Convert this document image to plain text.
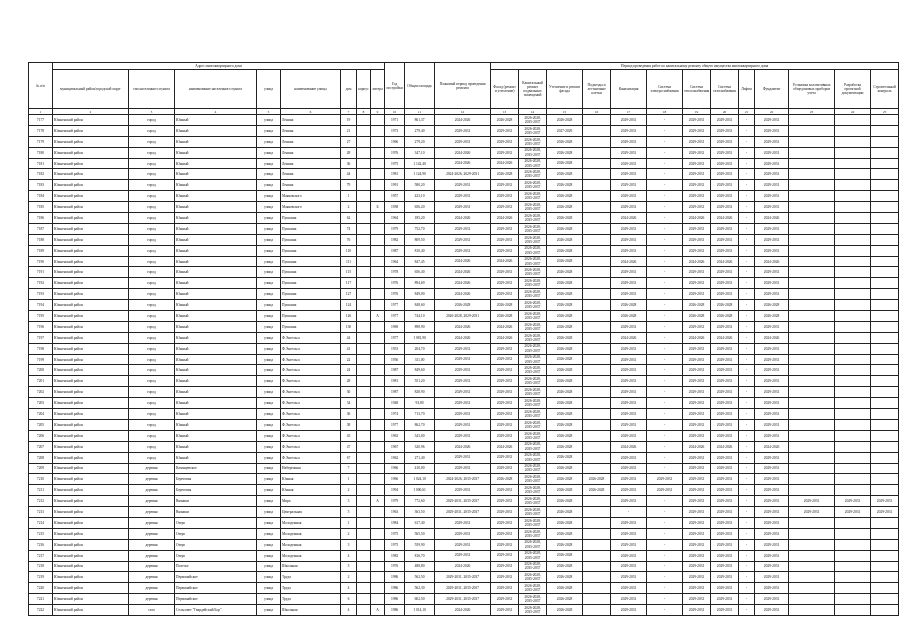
№ п/п	Адрес многоквартирного дома								Год постройки	Общая площадь	Плановый период проведения ремонта	Период проведения работ по капитальному ремонту общего имущества многоквартирного дома												
	муниципальный район/городской округ	тип населенного пункта	наименование населенного пункта	улица	наименование улицы	дом	корпус	литера				Фасад (ремонт и утепление)	Капитальный ремонт подвальных помещений	Утепление и ремонт фасада	Подъезды и лестничные клетки	Канализация	Система электроснабжения	Система теплоснабжения	Система газоснабжения	Лифты	Фундамент	Установка коллективных общедомовых приборов учета	Разработка проектной документации	Строительный контроль
1	2	3	4	5	6	7	8	9	10	11	12	13	14	15	16	17	18	19	20	21	22	23	24	25
7177	Южненский район	город	Южный	улица	Ленина	19			1971	861,37	2024-2026	2026-2028	2026-2028, 2035-2037	2026-2028		2029-2031	-	2029-2031	2029-2031	-	2029-2031			
7178	Южненский район	город	Южный	улица	Ленина	21			1973	279,40	2029-2031	2029-2031	2026-2028, 2035-2037	2027-2029		2029-2031	-	2029-2031	2029-2031	-	2029-2031			
7179	Южненский район	город	Южный	улица	Ленина	27			1966	279,20	2029-2031	2029-2031	2026-2028, 2035-2037	2026-2028		2029-2031	-	2029-2031	2029-2031	-	2029-2031			
7180	Южненский район	город	Южный	улица	Ленина	28			1976	347,10	2024-2026	2029-2031	2026-2028, 2035-2037	2026-2028		2029-2031	-	2029-2031	2029-2031	-	2029-2031			
7181	Южненский район	город	Южный	улица	Ленина	36			1975	1 142,40	2024-2026	2024-2026	2026-2028, 2035-2037	2026-2028		2029-2031	-	2029-2031	2029-2031	-	2029-2031			
7182	Южненский район	город	Южный	улица	Ленина	44			1981	1 124,90	2024-2026, 2029-2031	2026-2028	2026-2028, 2035-2037	2026-2028		2029-2031	-	2029-2031	2029-2031	-	2029-2031			
7183	Южненский район	город	Южный	улица	Ленина	79			1991	580,20	2029-2031	2029-2031	2026-2028, 2035-2037	2026-2028		2029-2031	-	2029-2031	2029-2031	-	2029-2031			
7184	Южненский район	город	Южный	улица	Маяковского	1			1957	423,10	2029-2031	2029-2031	2026-2028, 2035-2037	2026-2028		2029-2031	-	2029-2031	2029-2031	-	2029-2031			
7185	Южненский район	город	Южный	улица	Маяковского	2		Б	1958	656,20	2029-2031	2029-2031	2026-2028, 2035-2037	2026-2028		2029-2031	-	2029-2031	2029-2031	-	2029-2031			
7186	Южненский район	город	Южный	улица	Пушкина	62			1964	185,20	2024-2026	2024-2026	2026-2028, 2035-2037	2026-2028		2024-2026	-	2024-2026	2024-2026	-	2024-2026			
7187	Южненский район	город	Южный	улица	Пушкина	74			1979	752,70	2029-2031	2029-2031	2026-2028, 2035-2037	2026-2028		2029-2031	-	2029-2031	2029-2031	-	2029-2031			
7188	Южненский район	город	Южный	улица	Пушкина	76			1982	809,50	2029-2031	2029-2031	2026-2028, 2035-2037	2026-2028		2029-2031	-	2029-2031	2029-2031	-	2029-2031			
7189	Южненский район	город	Южный	улица	Пушкина	110			1987	810,40	2029-2031	2029-2031	2026-2028, 2035-2037	2026-2028		2029-2031	-	2029-2031	2029-2031	-	2029-2031			
7190	Южненский район	город	Южный	улица	Пушкина	111			1964	847,45	2024-2026	2024-2026	2026-2028, 2035-2037	2026-2028		2024-2026	-	2024-2026	2024-2026	-	2024-2026			
7191	Южненский район	город	Южный	улица	Пушкина	115			1978	656,40	2024-2026	2029-2031	2026-2028, 2035-2037	2026-2028		2029-2031	-	2029-2031	2029-2031	-	2029-2031			
7192	Южненский район	город	Южный	улица	Пушкина	117			1976	894,69	2024-2026	2029-2031	2026-2028, 2035-2037	2026-2028		2029-2031	-	2029-2031	2029-2031	-	2029-2031			
7193	Южненский район	город	Южный	улица	Пушкина	127			1976	849,00	2024-2026	2029-2031	2026-2028, 2035-2037	2026-2028		2029-2031	-	2029-2031	2029-2031	-	2029-2031			
7194	Южненский район	город	Южный	улица	Пушкина	124			1977	848,60	2026-2028	2026-2028	2026-2028, 2035-2037	2026-2028		2026-2028	-	2026-2028	2026-2028	-	2026-2028			
7195	Южненский район	город	Южный	улица	Пушкина	126		А	1977	744,10	2026-2028, 2029-2031	2026-2028	2026-2028, 2035-2037	2026-2028		2026-2028	-	2026-2028	2026-2028	-	2026-2028			
7196	Южненский район	город	Южный	улица	Пушкина	130			1969	898,90	2024-2026	2024-2026	2026-2028, 2035-2037	2026-2028		2029-2031	-	2029-2031	2029-2031	-	2029-2031			
7197	Южненский район	город	Южный	улица	Ф.Энгельса	44			1977	1 081,90	2024-2026	2024-2026	2026-2028, 2035-2037	2026-2028		2024-2026	-	2024-2026	2024-2026	-	2024-2026			
7198	Южненский район	город	Южный	улица	Ф.Энгельса	41			1953	204,70	2029-2031	2029-2031	2026-2028, 2035-2037	2026-2028		2029-2031	-	2029-2031	2029-2031	-	2029-2031			
7199	Южненский район	город	Южный	улица	Ф.Энгельса	22			1956	311,00	2029-2031	2029-2031	2026-2028, 2035-2037	2026-2028		2029-2031	-	2029-2031	2029-2031	-	2029-2031			
7200	Южненский район	город	Южный	улица	Ф.Энгельса	24			1987	849,60	2029-2031	2029-2031	2026-2028, 2035-2037	2026-2028		2029-2031	-	2029-2031	2029-2031	-	2029-2031			
7201	Южненский район	город	Южный	улица	Ф.Энгельса	28			1981	551,20	2029-2031	2029-2031	2026-2028, 2035-2037	2026-2028		2029-2031	-	2029-2031	2029-2031	-	2029-2031			
7202	Южненский район	город	Южный	улица	Ф.Энгельса	30			1987	828,90	2029-2031	2029-2031	2026-2028, 2035-2037	2026-2028		2029-2031	-	2029-2031	2029-2031	-	2029-2031			
7203	Южненский район	город	Южный	улица	Ф.Энгельса	34			1948	93,80	2029-2031	2029-2031	2026-2028, 2035-2037	2026-2028		2029-2031	-	2029-2031	2029-2031	-	2029-2031			
7204	Южненский район	город	Южный	улица	Ф.Энгельса	36			1974	713,70	2029-2031	2029-2031	2026-2028, 2035-2037	2026-2028		2029-2031	-	2029-2031	2029-2031	-	2029-2031			
7205	Южненский район	город	Южный	улица	Ф.Энгельса	38			1977	862,70	2029-2031	2029-2031	2026-2028, 2035-2037	2026-2028		2029-2031	-	2029-2031	2029-2031	-	2029-2031			
7206	Южненский район	город	Южный	улица	Ф.Энгельса	45			1963	343,00	2029-2031	2029-2031	2026-2028, 2035-2037	2026-2028		2029-2031	-	2029-2031	2029-2031	-	2029-2031			
7207	Южненский район	город	Южный	улица	Ф.Энгельса	47			1967	320,96	2024-2026	2024-2026	2026-2028, 2035-2037	2026-2028		2024-2026	-	2024-2026	2024-2026	-	2024-2026			
7208	Южненский район	город	Южный	улица	Ф.Энгельса	67			1962	271,40	2029-2031	2029-2031	2026-2028, 2035-2037	2026-2028		2029-2031	-	2029-2031	2029-2031	-	2029-2031			
7209	Южненский район	деревня	Казанцевское	улица	Набережная	7			1966	410,00	2029-2031	2029-2031	2026-2028, 2035-2037	2026-2028		2029-2031	-	2029-2031	2029-2031	-	2029-2031			
7210	Южненский район	деревня	Береговая	улица	Южная	1			1966	1 024,10	2024-2026, 2035-2037	2026-2028	2026-2028, 2035-2037	2026-2028	2026-2028	2029-2031	2029-2031	2029-2031	2029-2031	-	2029-2031			
7211	Южненский район	деревня	Береговая	улица	Южная	2			1994	1 000,61	2029-2031	2029-2031	2026-2028, 2035-2037	2026-2028	2026-2028	2029-2031	2029-2031	2029-2031	2029-2031	-	2029-2031			
7212	Южненский район	деревня	Вязники	улица	Мира	3		А	1979	772,60	2029-2031, 2035-2037	2029-2031	2026-2028, 2035-2037	2026-2028		2029-2031	-	2029-2031	2029-2031	-	2029-2031	2029-2031	2029-2031	2029-2031
7213	Южненский район	деревня	Вязники	улица	Центральная	5			1963	363,50	2029-2031, 2035-2037	2029-2031	2026-2028, 2035-2037	2026-2028		-	-	2029-2031	2029-2031	-	2029-2031	2029-2031	2029-2031	2029-2031
7214	Южненский район	деревня	Озеро	улица	Молодежная	1			1984	617,40	2029-2031	2029-2031	2026-2028, 2035-2037	2026-2028		2029-2031	-	2029-2031	2029-2031	-	2029-2031			
7215	Южненский район	деревня	Озеро	улица	Молодежная	2			1975	565,50	2029-2031	2029-2031	2026-2028, 2035-2037	2026-2028		2029-2031	-	2029-2031	2029-2031	-	2029-2031			
7216	Южненский район	деревня	Озеро	улица	Молодежная	3			1975	559,90	2029-2031	2029-2031	2026-2028, 2035-2037	2026-2028		2029-2031	-	2029-2031	2029-2031	-	2029-2031			
7217	Южненский район	деревня	Озеро	улица	Молодежная	4			1983	816,70	2029-2031	2029-2031	2026-2028, 2035-2037	2026-2028		2029-2031	-	2029-2031	2029-2031	-	2029-2031			
7218	Южненский район	деревня	Полесье	улица	Школьная	5			1976	488,80	2024-2026	2029-2031	2026-2028, 2035-2037	2026-2028		2029-2031	-	2029-2031	2029-2031	-	2029-2031			
7219	Южненский район	деревня	Первомайское	улица	Труда	2			1986	562,50	2029-2031, 2035-2037	2029-2031	2026-2028, 2035-2037	2026-2028		2029-2031	-	2029-2031	2029-2031	-	2029-2031			
7220	Южненский район	деревня	Первомайское	улица	Труда	4			1986	562,30	2029-2031, 2035-2037	2029-2031	2026-2028, 2035-2037	2026-2028		2029-2031	-	2029-2031	2029-2031	-	2029-2031			
7221	Южненский район	деревня	Первомайское	улица	Труда	6			1986	602,50	2029-2031, 2035-2037	2029-2031	2026-2028, 2035-2037	2026-2028		2029-2031	-	2029-2031	2029-2031	-	2029-2031			
7222	Южненский район	село	Сельсовет "Гвардейский Бор"	улица	Школьная	4		А	1986	1 014,10	2024-2026	2029-2031	2026-2028, 2035-2037	2026-2028		2029-2031	-	2029-2031	2029-2031	-	2029-2031			
